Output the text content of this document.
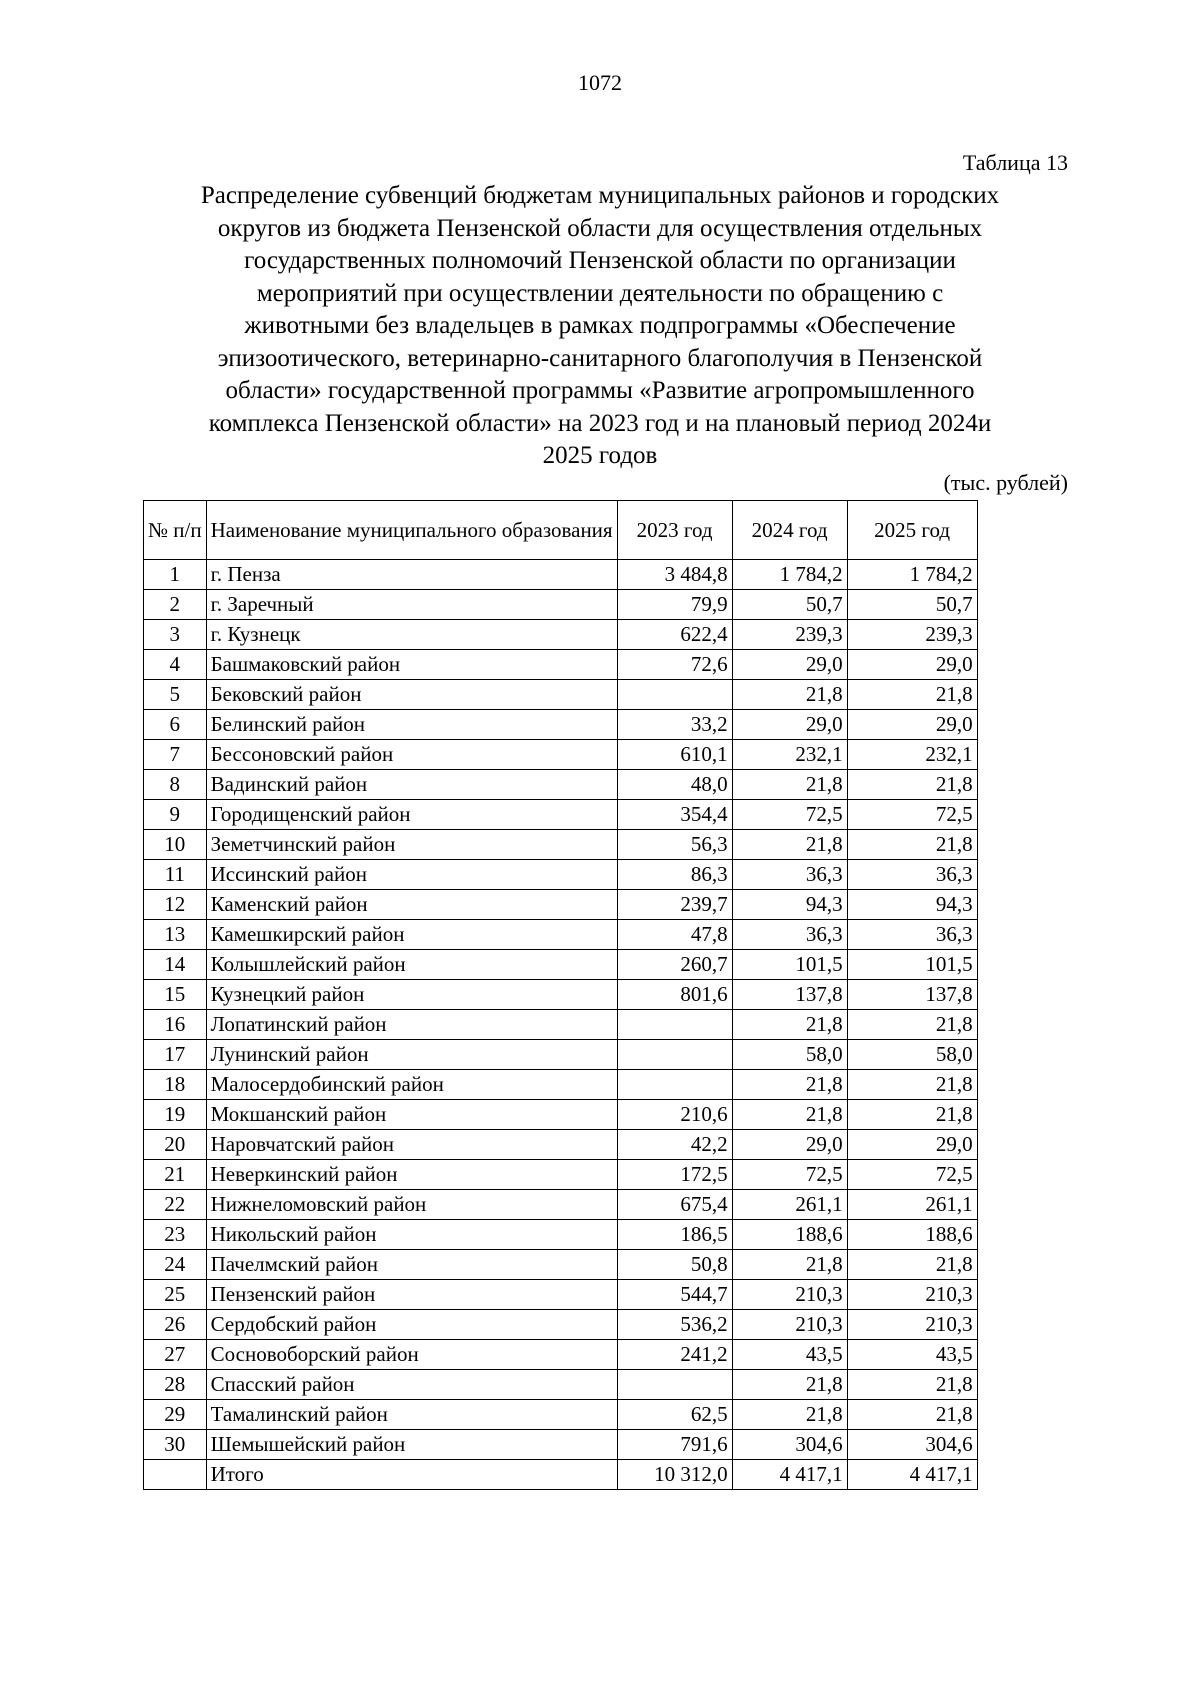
1072
Таблица 13
Распределение субвенций бюджетам муниципальных районов и городских
округов из бюджета Пензенской области для осуществления отдельных
государственных полномочий Пензенской области по организации
мероприятий при осуществлении деятельности по обращению с
животными без владельцев в рамках подпрограммы «Обеспечение
эпизоотического, ветеринарно-санитарного благополучия в Пензенской
области» государственной программы «Развитие агропромышленного
комплекса Пензенской области» на 2023 год и на плановый период 2024и
2025 годов
(тыс. рублей)
№ п/п	Наименование муниципального образования	2023 год	2024 год	2025 год
1	г. Пенза	3 484,8	1 784,2	1 784,2
2	г. Заречный	79,9	50,7	50,7
3	г. Кузнецк	622,4	239,3	239,3
4	Башмаковский район	72,6	29,0	29,0
5	Бековский район		21,8	21,8
6	Белинский район	33,2	29,0	29,0
7	Бессоновский район	610,1	232,1	232,1
8	Вадинский район	48,0	21,8	21,8
9	Городищенский район	354,4	72,5	72,5
10	Земетчинский район	56,3	21,8	21,8
11	Иссинский район	86,3	36,3	36,3
12	Каменский район	239,7	94,3	94,3
13	Камешкирский район	47,8	36,3	36,3
14	Колышлейский район	260,7	101,5	101,5
15	Кузнецкий район	801,6	137,8	137,8
16	Лопатинский район		21,8	21,8
17	Лунинский район		58,0	58,0
18	Малосердобинский район		21,8	21,8
19	Мокшанский район	210,6	21,8	21,8
20	Наровчатский район	42,2	29,0	29,0
21	Неверкинский район	172,5	72,5	72,5
22	Нижнеломовский район	675,4	261,1	261,1
23	Никольский район	186,5	188,6	188,6
24	Пачелмский район	50,8	21,8	21,8
25	Пензенский район	544,7	210,3	210,3
26	Сердобский район	536,2	210,3	210,3
27	Сосновоборский район	241,2	43,5	43,5
28	Спасский район		21,8	21,8
29	Тамалинский район	62,5	21,8	21,8
30	Шемышейский район	791,6	304,6	304,6
	Итого	10 312,0	4 417,1	4 417,1
